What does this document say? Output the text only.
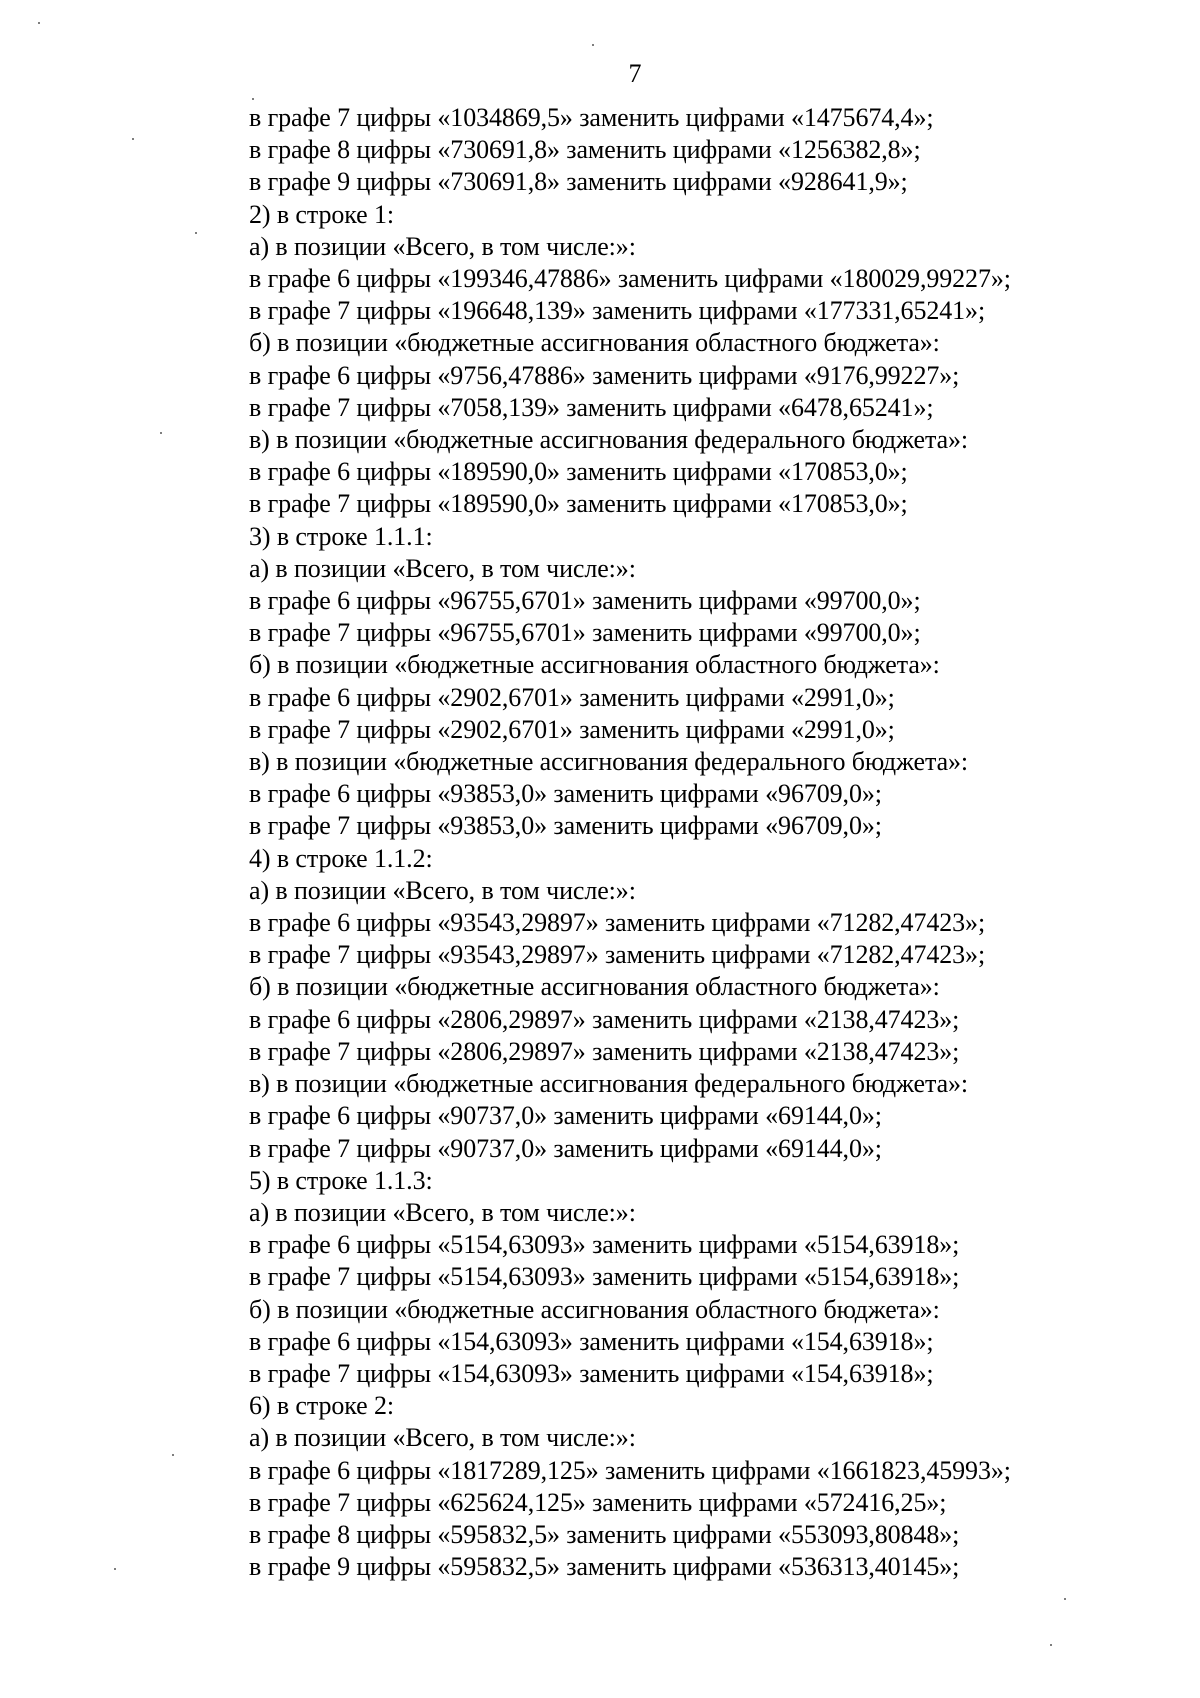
7
в графе 7 цифры «1034869,5» заменить цифрами «1475674,4»;
в графе 8 цифры «730691,8» заменить цифрами «1256382,8»;
в графе 9 цифры «730691,8» заменить цифрами «928641,9»;
2) в строке 1:
а) в позиции «Всего, в том числе:»:
в графе 6 цифры «199346,47886» заменить цифрами «180029,99227»;
в графе 7 цифры «196648,139» заменить цифрами «177331,65241»;
б) в позиции «бюджетные ассигнования областного бюджета»:
в графе 6 цифры «9756,47886» заменить цифрами «9176,99227»;
в графе 7 цифры «7058,139» заменить цифрами «6478,65241»;
в) в позиции «бюджетные ассигнования федерального бюджета»:
в графе 6 цифры «189590,0» заменить цифрами «170853,0»;
в графе 7 цифры «189590,0» заменить цифрами «170853,0»;
3) в строке 1.1.1:
а) в позиции «Всего, в том числе:»:
в графе 6 цифры «96755,6701» заменить цифрами «99700,0»;
в графе 7 цифры «96755,6701» заменить цифрами «99700,0»;
б) в позиции «бюджетные ассигнования областного бюджета»:
в графе 6 цифры «2902,6701» заменить цифрами «2991,0»;
в графе 7 цифры «2902,6701» заменить цифрами «2991,0»;
в) в позиции «бюджетные ассигнования федерального бюджета»:
в графе 6 цифры «93853,0» заменить цифрами «96709,0»;
в графе 7 цифры «93853,0» заменить цифрами «96709,0»;
4) в строке 1.1.2:
а) в позиции «Всего, в том числе:»:
в графе 6 цифры «93543,29897» заменить цифрами «71282,47423»;
в графе 7 цифры «93543,29897» заменить цифрами «71282,47423»;
б) в позиции «бюджетные ассигнования областного бюджета»:
в графе 6 цифры «2806,29897» заменить цифрами «2138,47423»;
в графе 7 цифры «2806,29897» заменить цифрами «2138,47423»;
в) в позиции «бюджетные ассигнования федерального бюджета»:
в графе 6 цифры «90737,0» заменить цифрами «69144,0»;
в графе 7 цифры «90737,0» заменить цифрами «69144,0»;
5) в строке 1.1.3:
а) в позиции «Всего, в том числе:»:
в графе 6 цифры «5154,63093» заменить цифрами «5154,63918»;
в графе 7 цифры «5154,63093» заменить цифрами «5154,63918»;
б) в позиции «бюджетные ассигнования областного бюджета»:
в графе 6 цифры «154,63093» заменить цифрами «154,63918»;
в графе 7 цифры «154,63093» заменить цифрами «154,63918»;
6) в строке 2:
а) в позиции «Всего, в том числе:»:
в графе 6 цифры «1817289,125» заменить цифрами «1661823,45993»;
в графе 7 цифры «625624,125» заменить цифрами «572416,25»;
в графе 8 цифры «595832,5» заменить цифрами «553093,80848»;
в графе 9 цифры «595832,5» заменить цифрами «536313,40145»;
